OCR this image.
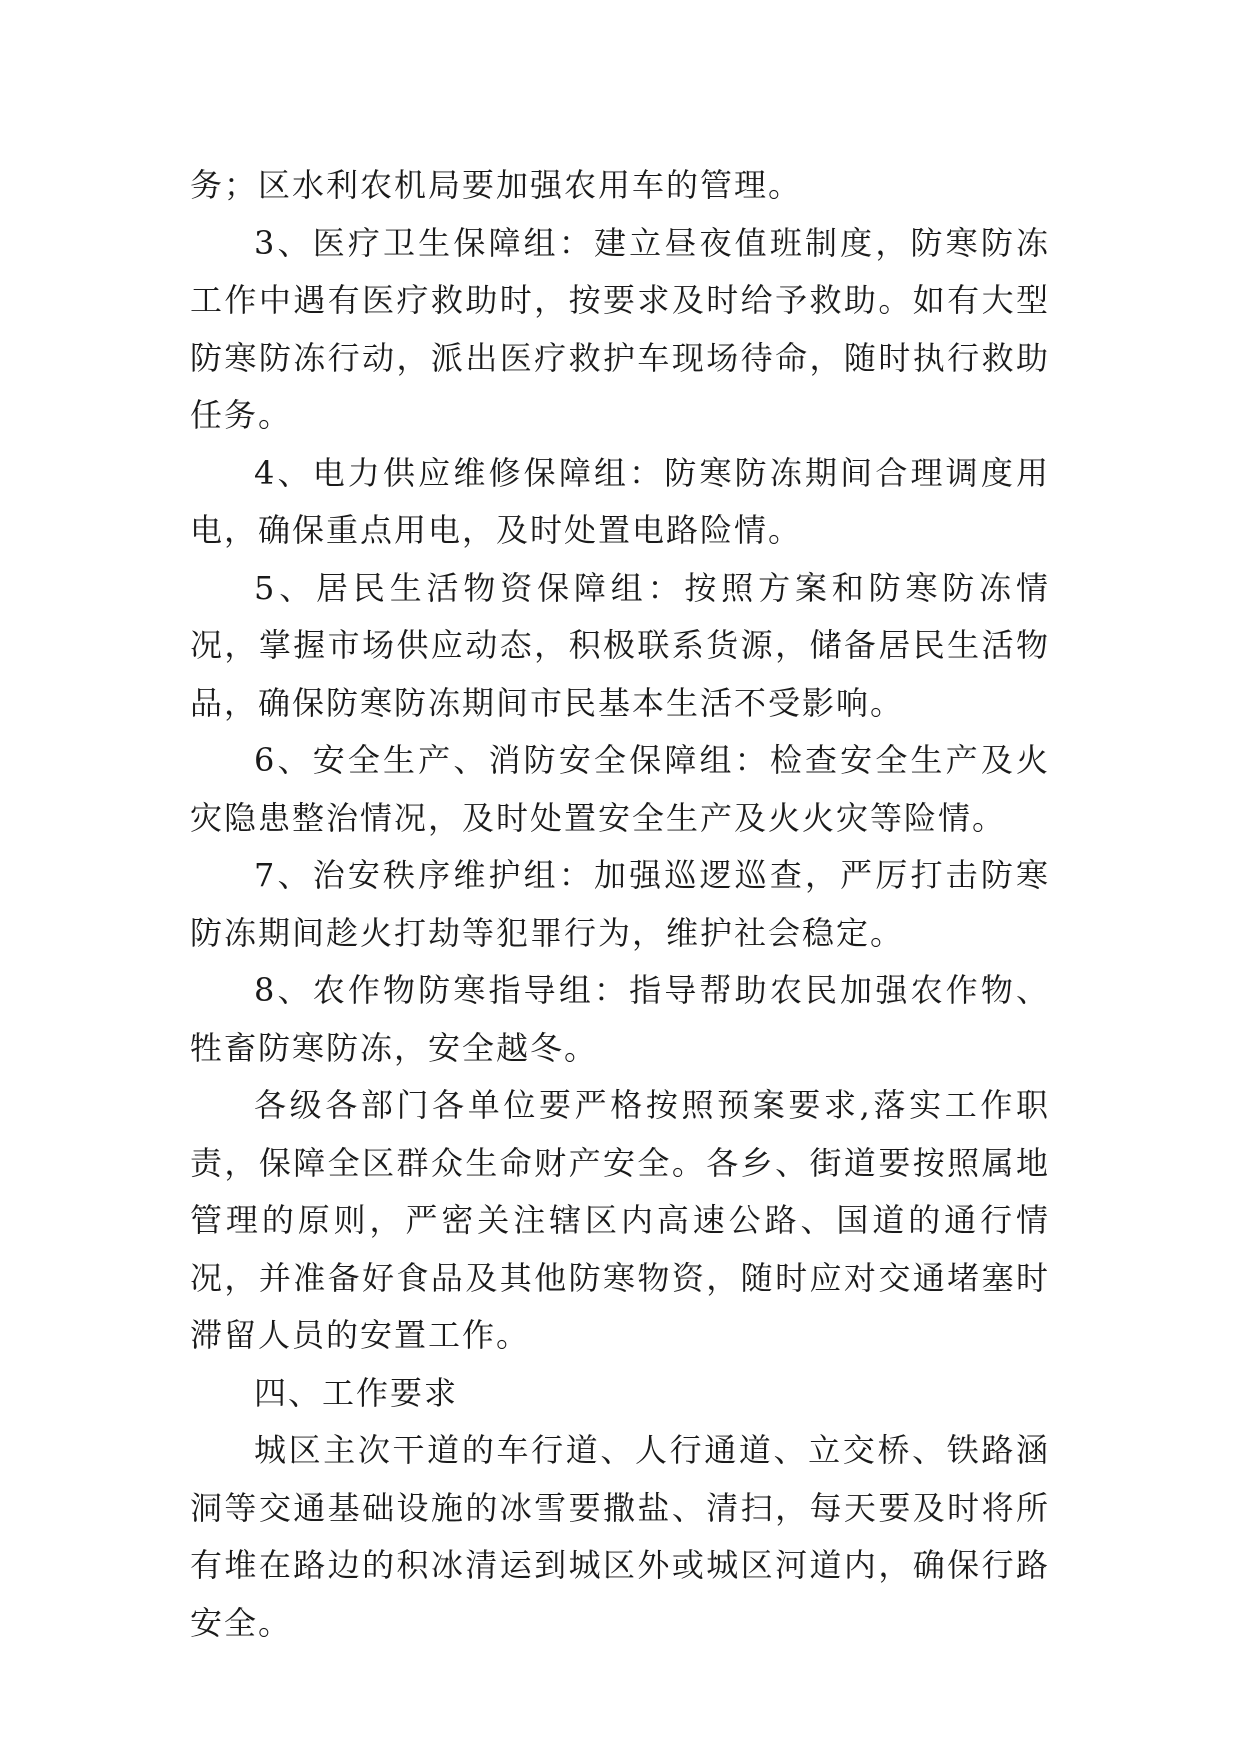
务；区水利农机局要加强农用车的管理。

3、医疗卫生保障组：建立昼夜值班制度，防寒防冻工作中遇有医疗救助时，按要求及时给予救助。如有大型防寒防冻行动，派出医疗救护车现场待命，随时执行救助任务。

4、电力供应维修保障组：防寒防冻期间合理调度用电，确保重点用电，及时处置电路险情。

5、居民生活物资保障组：按照方案和防寒防冻情况，掌握市场供应动态，积极联系货源，储备居民生活物品，确保防寒防冻期间市民基本生活不受影响。

6、安全生产、消防安全保障组：检查安全生产及火灾隐患整治情况，及时处置安全生产及火火灾等险情。

7、治安秩序维护组：加强巡逻巡查，严厉打击防寒防冻期间趁火打劫等犯罪行为，维护社会稳定。

8、农作物防寒指导组：指导帮助农民加强农作物、牲畜防寒防冻，安全越冬。

各级各部门各单位要严格按照预案要求,落实工作职责，保障全区群众生命财产安全。各乡、街道要按照属地管理的原则，严密关注辖区内高速公路、国道的通行情况，并准备好食品及其他防寒物资，随时应对交通堵塞时滞留人员的安置工作。

四、工作要求

城区主次干道的车行道、人行通道、立交桥、铁路涵洞等交通基础设施的冰雪要撒盐、清扫，每天要及时将所有堆在路边的积冰清运到城区外或城区河道内，确保行路安全。
